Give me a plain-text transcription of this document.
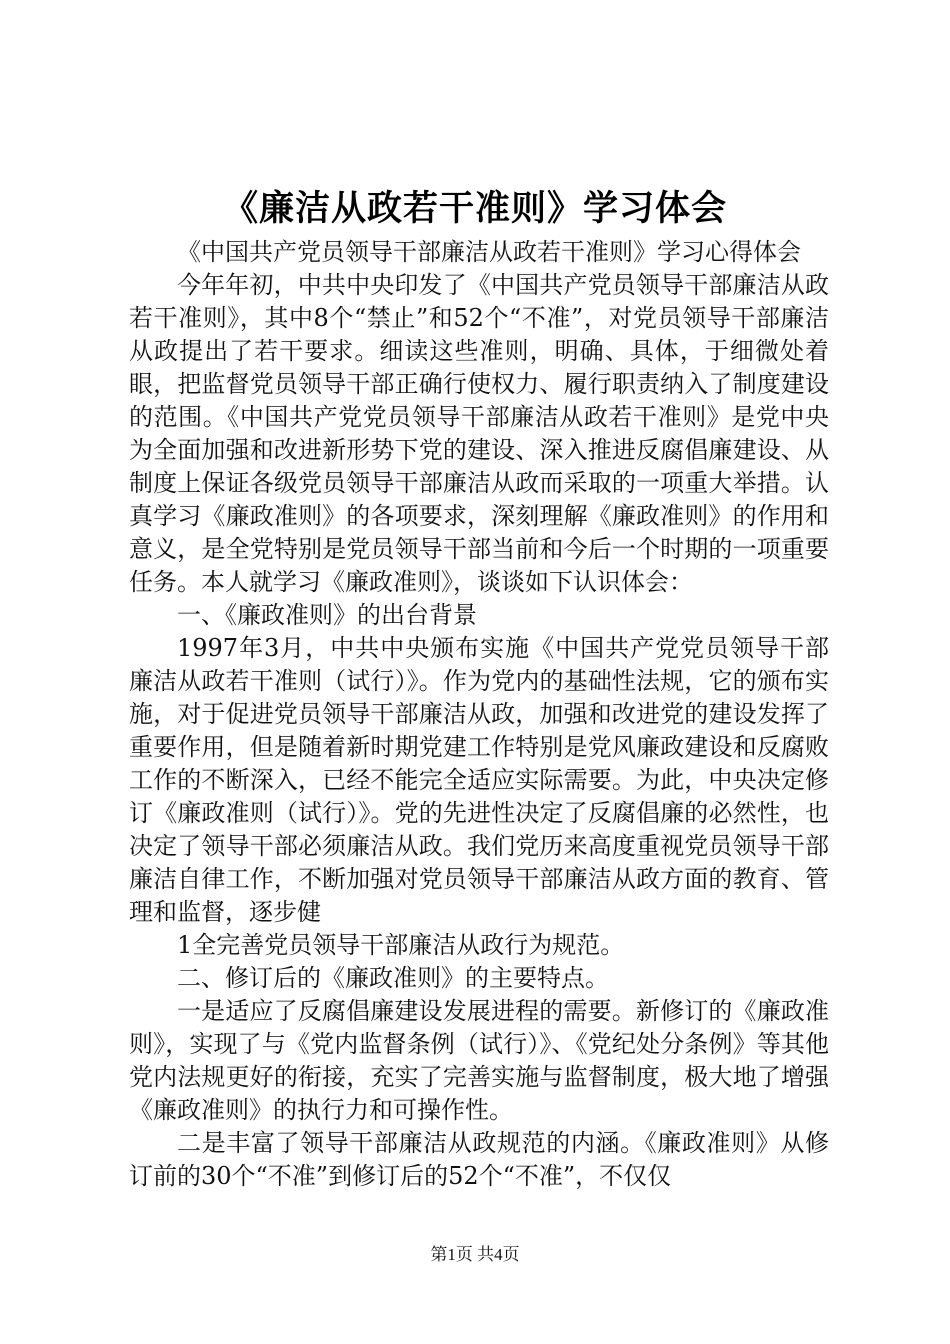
《廉洁从政若干准则》学习体会

《中国共产党员领导干部廉洁从政若干准则》学习心得体会

今年年初，中共中央印发了《中国共产党员领导干部廉洁从政若干准则》，其中8个“禁止”和52个“不准”，对党员领导干部廉洁从政提出了若干要求。细读这些准则，明确、具体，于细微处着眼，把监督党员领导干部正确行使权力、履行职责纳入了制度建设的范围。《中国共产党党员领导干部廉洁从政若干准则》是党中央为全面加强和改进新形势下党的建设、深入推进反腐倡廉建设、从制度上保证各级党员领导干部廉洁从政而采取的一项重大举措。认真学习《廉政准则》的各项要求，深刻理解《廉政准则》的作用和意义，是全党特别是党员领导干部当前和今后一个时期的一项重要任务。本人就学习《廉政准则》，谈谈如下认识体会：

一、《廉政准则》的出台背景

1997年3月，中共中央颁布实施《中国共产党党员领导干部廉洁从政若干准则（试行）》。作为党内的基础性法规，它的颁布实施，对于促进党员领导干部廉洁从政，加强和改进党的建设发挥了重要作用，但是随着新时期党建工作特别是党风廉政建设和反腐败工作的不断深入，已经不能完全适应实际需要。为此，中央决定修订《廉政准则（试行）》。党的先进性决定了反腐倡廉的必然性，也决定了领导干部必须廉洁从政。我们党历来高度重视党员领导干部廉洁自律工作，不断加强对党员领导干部廉洁从政方面的教育、管理和监督，逐步健

1全完善党员领导干部廉洁从政行为规范。

二、修订后的《廉政准则》的主要特点。

一是适应了反腐倡廉建设发展进程的需要。新修订的《廉政准则》，实现了与《党内监督条例（试行）》、《党纪处分条例》等其他党内法规更好的衔接，充实了完善实施与监督制度，极大地了增强《廉政准则》的执行力和可操作性。

二是丰富了领导干部廉洁从政规范的内涵。《廉政准则》从修订前的30个“不准”到修订后的52个“不准”，不仅仅

第1页 共4页
